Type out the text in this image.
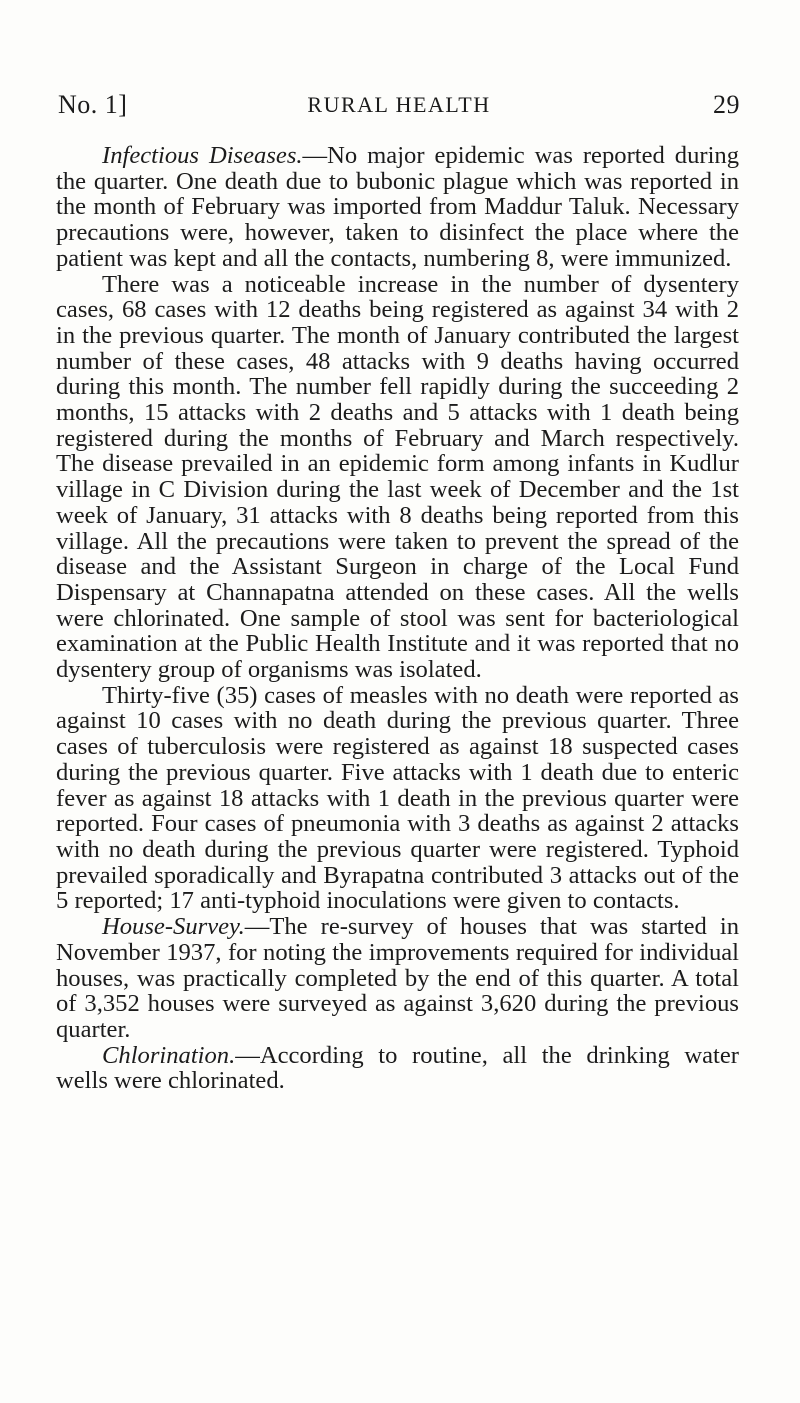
No. 1]	RURAL HEALTH	29

Infectious Diseases.—No major epidemic was reported during the quarter. One death due to bubonic plague which was reported in the month of February was imported from Maddur Taluk. Necessary precautions were, however, taken to disinfect the place where the patient was kept and all the contacts, numbering 8, were immunized.

There was a noticeable increase in the number of dysentery cases, 68 cases with 12 deaths being registered as against 34 with 2 in the previous quarter. The month of January contributed the largest number of these cases, 48 attacks with 9 deaths having occurred during this month. The number fell rapidly during the succeeding 2 months, 15 attacks with 2 deaths and 5 attacks with 1 death being registered during the months of February and March respectively. The disease prevailed in an epidemic form among infants in Kudlur village in C Division during the last week of December and the 1st week of January, 31 attacks with 8 deaths being reported from this village. All the precautions were taken to prevent the spread of the disease and the Assistant Surgeon in charge of the Local Fund Dispensary at Channapatna attended on these cases. All the wells were chlorinated. One sample of stool was sent for bacteriological examination at the Public Health Institute and it was reported that no dysentery group of organisms was isolated.

Thirty-five (35) cases of measles with no death were reported as against 10 cases with no death during the previous quarter. Three cases of tuberculosis were registered as against 18 suspected cases during the previous quarter. Five attacks with 1 death due to enteric fever as against 18 attacks with 1 death in the previous quarter were reported. Four cases of pneumonia with 3 deaths as against 2 attacks with no death during the previous quarter were registered. Typhoid prevailed sporadically and Byrapatna contributed 3 attacks out of the 5 reported; 17 anti-typhoid inoculations were given to contacts.

House-Survey.—The re-survey of houses that was started in November 1937, for noting the improvements required for individual houses, was practically completed by the end of this quarter. A total of 3,352 houses were surveyed as against 3,620 during the previous quarter.

Chlorination.—According to routine, all the drinking water wells were chlorinated.
